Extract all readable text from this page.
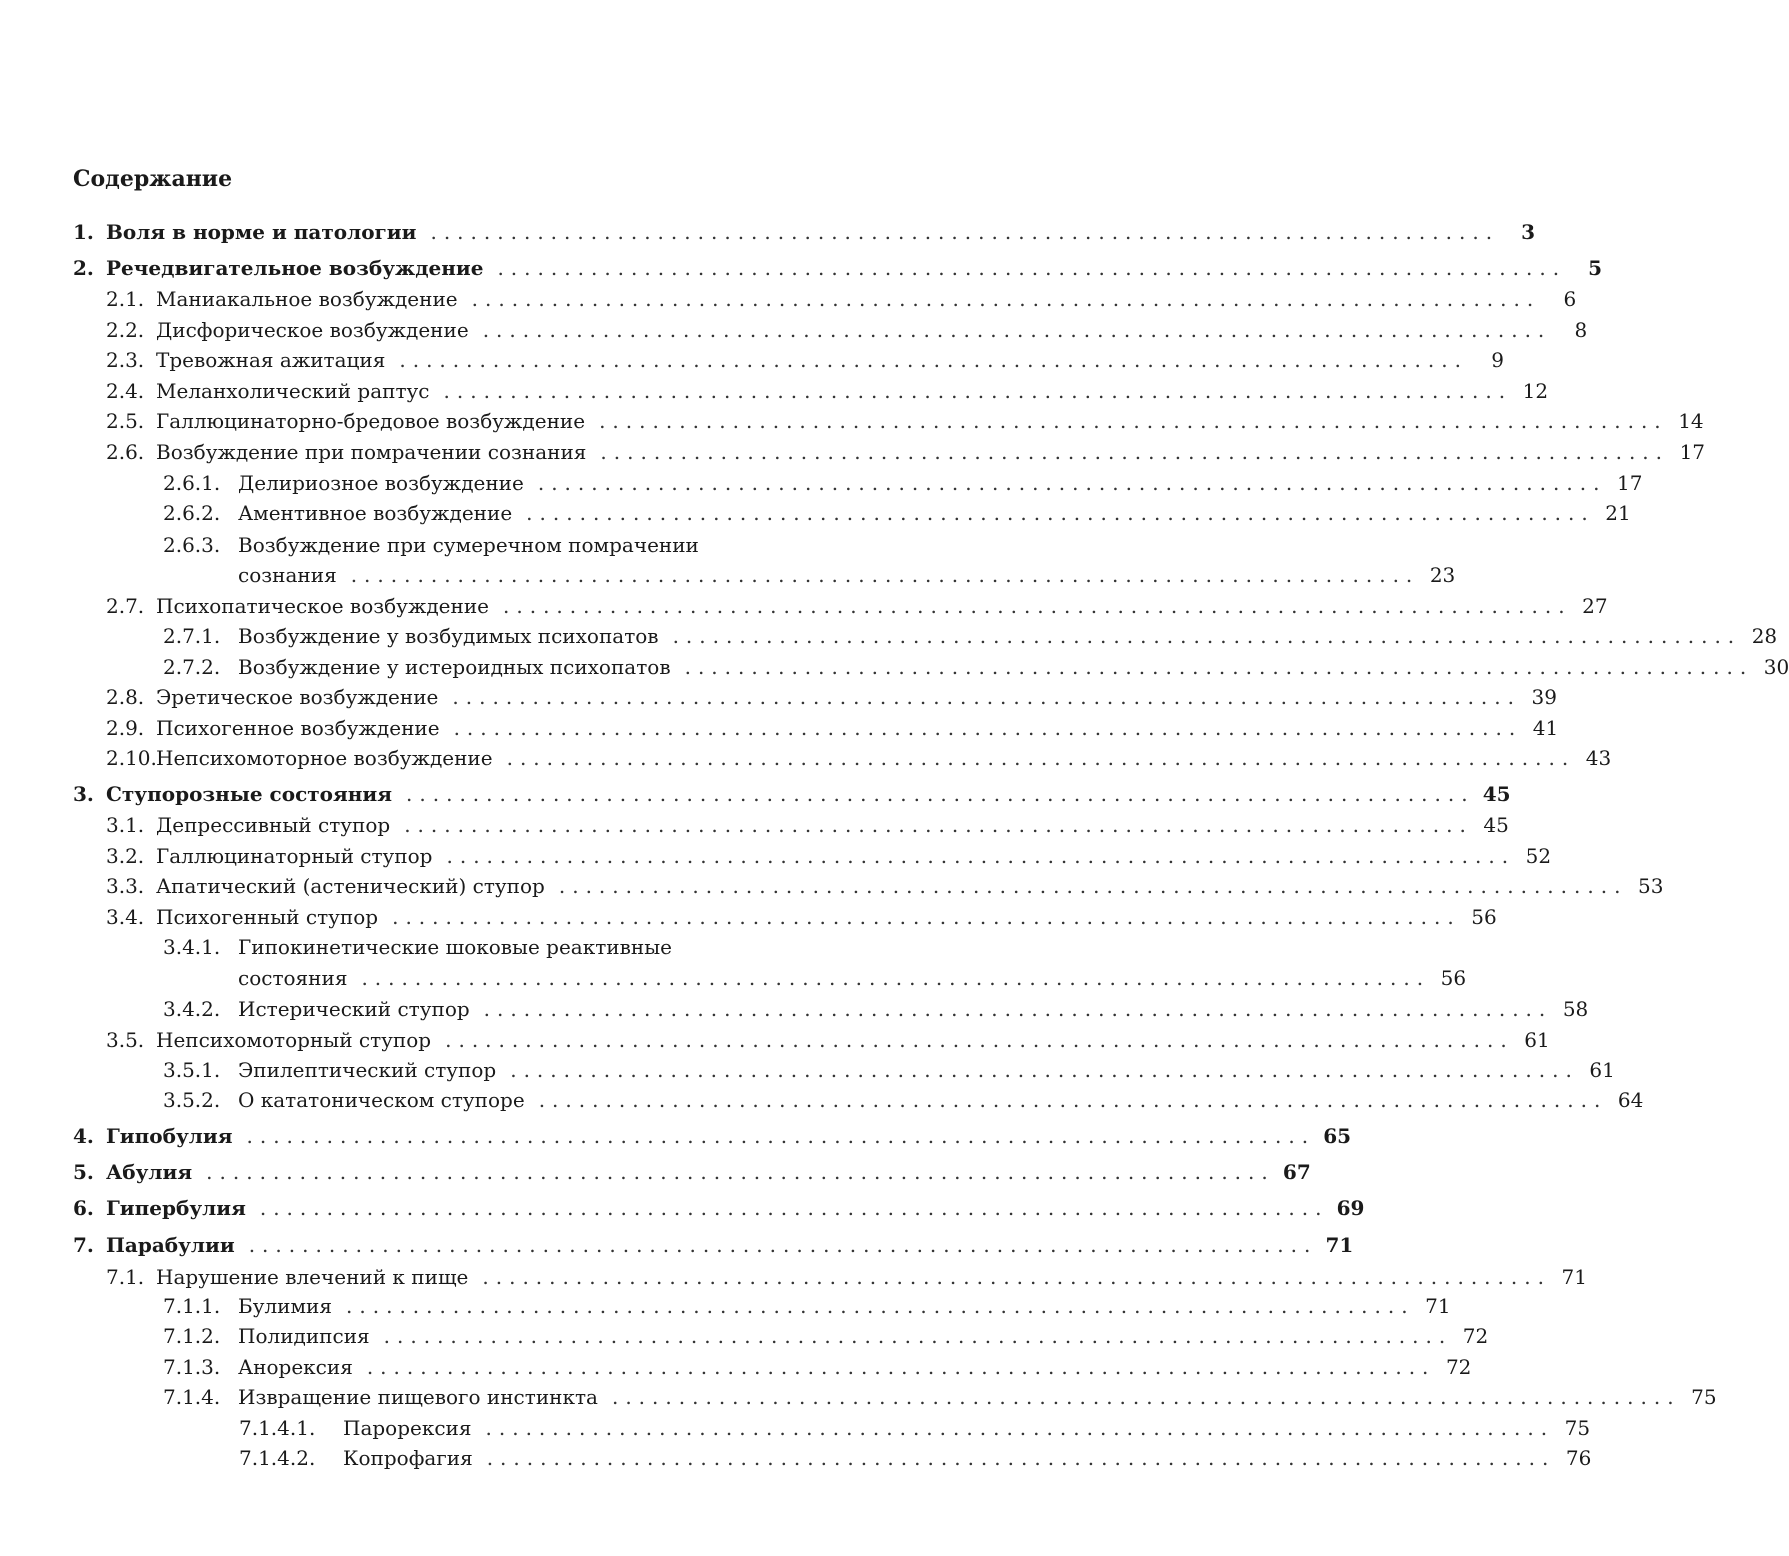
Содержание
1. Воля в норме и патологии ................................................................................	3
2. Речедвигательное возбуждение ................................................................................	5
2.1. Маниакальное возбуждение ................................................................................	6
2.2. Дисфорическое возбуждение ................................................................................	8
2.3. Тревожная ажитация ................................................................................	9
2.4. Меланхолический раптус ................................................................................ 12
2.5. Галлюцинаторно-бредовое возбуждение ................................................................................ 14
2.6. Возбуждение при помрачении сознания ................................................................................ 17
2.6.1. Делириозное возбуждение ................................................................................ 17
2.6.2. Аментивное возбуждение ................................................................................ 21
2.6.3. Возбуждение при сумеречном помрачении
сознания ................................................................................ 23
2.7. Психопатическое возбуждение ................................................................................ 27
2.7.1. Возбуждение у возбудимых психопатов ................................................................................ 28
2.7.2. Возбуждение у истероидных психопатов ................................................................................ 30
2.8. Эретическое возбуждение ................................................................................ 39
2.9. Психогенное возбуждение ................................................................................ 41
2.10. Непсихомоторное возбуждение ................................................................................ 43
3. Ступорозные состояния ................................................................................ 45
3.1. Депрессивный ступор ................................................................................ 45
3.2. Галлюцинаторный ступор ................................................................................ 52
3.3. Апатический (астенический) ступор ................................................................................ 53
3.4. Психогенный ступор ................................................................................ 56
3.4.1. Гипокинетические шоковые реактивные
состояния ................................................................................ 56
3.4.2. Истерический ступор ................................................................................ 58
3.5. Непсихомоторный ступор ................................................................................ 61
3.5.1. Эпилептический ступор ................................................................................ 61
3.5.2. О кататоническом ступоре ................................................................................ 64
4. Гипобулия ................................................................................ 65
5. Абулия ................................................................................ 67
6. Гипербулия ................................................................................ 69
7. Парабулии ................................................................................ 71
7.1. Нарушение влечений к пище ................................................................................ 71
7.1.1. Булимия ................................................................................ 71
7.1.2. Полидипсия ................................................................................ 72
7.1.3. Анорексия ................................................................................ 72
7.1.4. Извращение пищевого инстинкта ................................................................................ 75
7.1.4.1.	Парорексия ................................................................................ 75
7.1.4.2.	Копрофагия ................................................................................ 76
